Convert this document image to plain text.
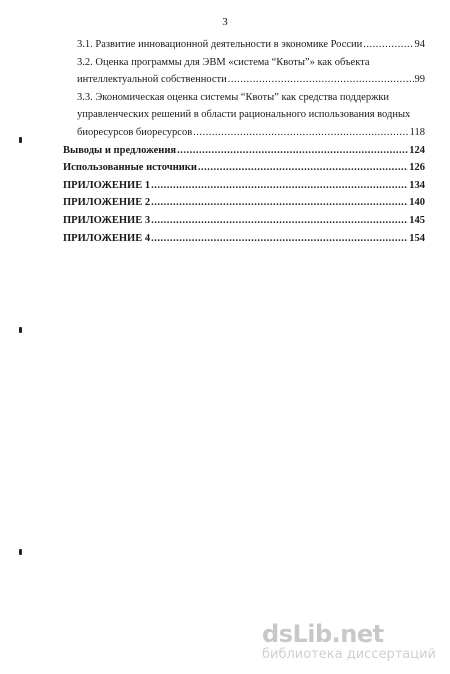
3
3.1. Развитие инновационной деятельности в экономике России .....	94
3.2. Оценка программы для ЭВМ «система “Квоты”» как объекта
интеллектуальной собственности .....	99
3.3. Экономическая оценка системы “Квоты” как средства поддержки
управленческих решений в области рационального использования водных
биоресурсов биоресурсов .....	118
Выводы и предложения .....	124
Использованные источники .....	126
ПРИЛОЖЕНИЕ 1 .....	134
ПРИЛОЖЕНИЕ 2 .....	140
ПРИЛОЖЕНИЕ 3 .....	145
ПРИЛОЖЕНИЕ 4 .....	154
dsLib.net
библиотека диссертаций
